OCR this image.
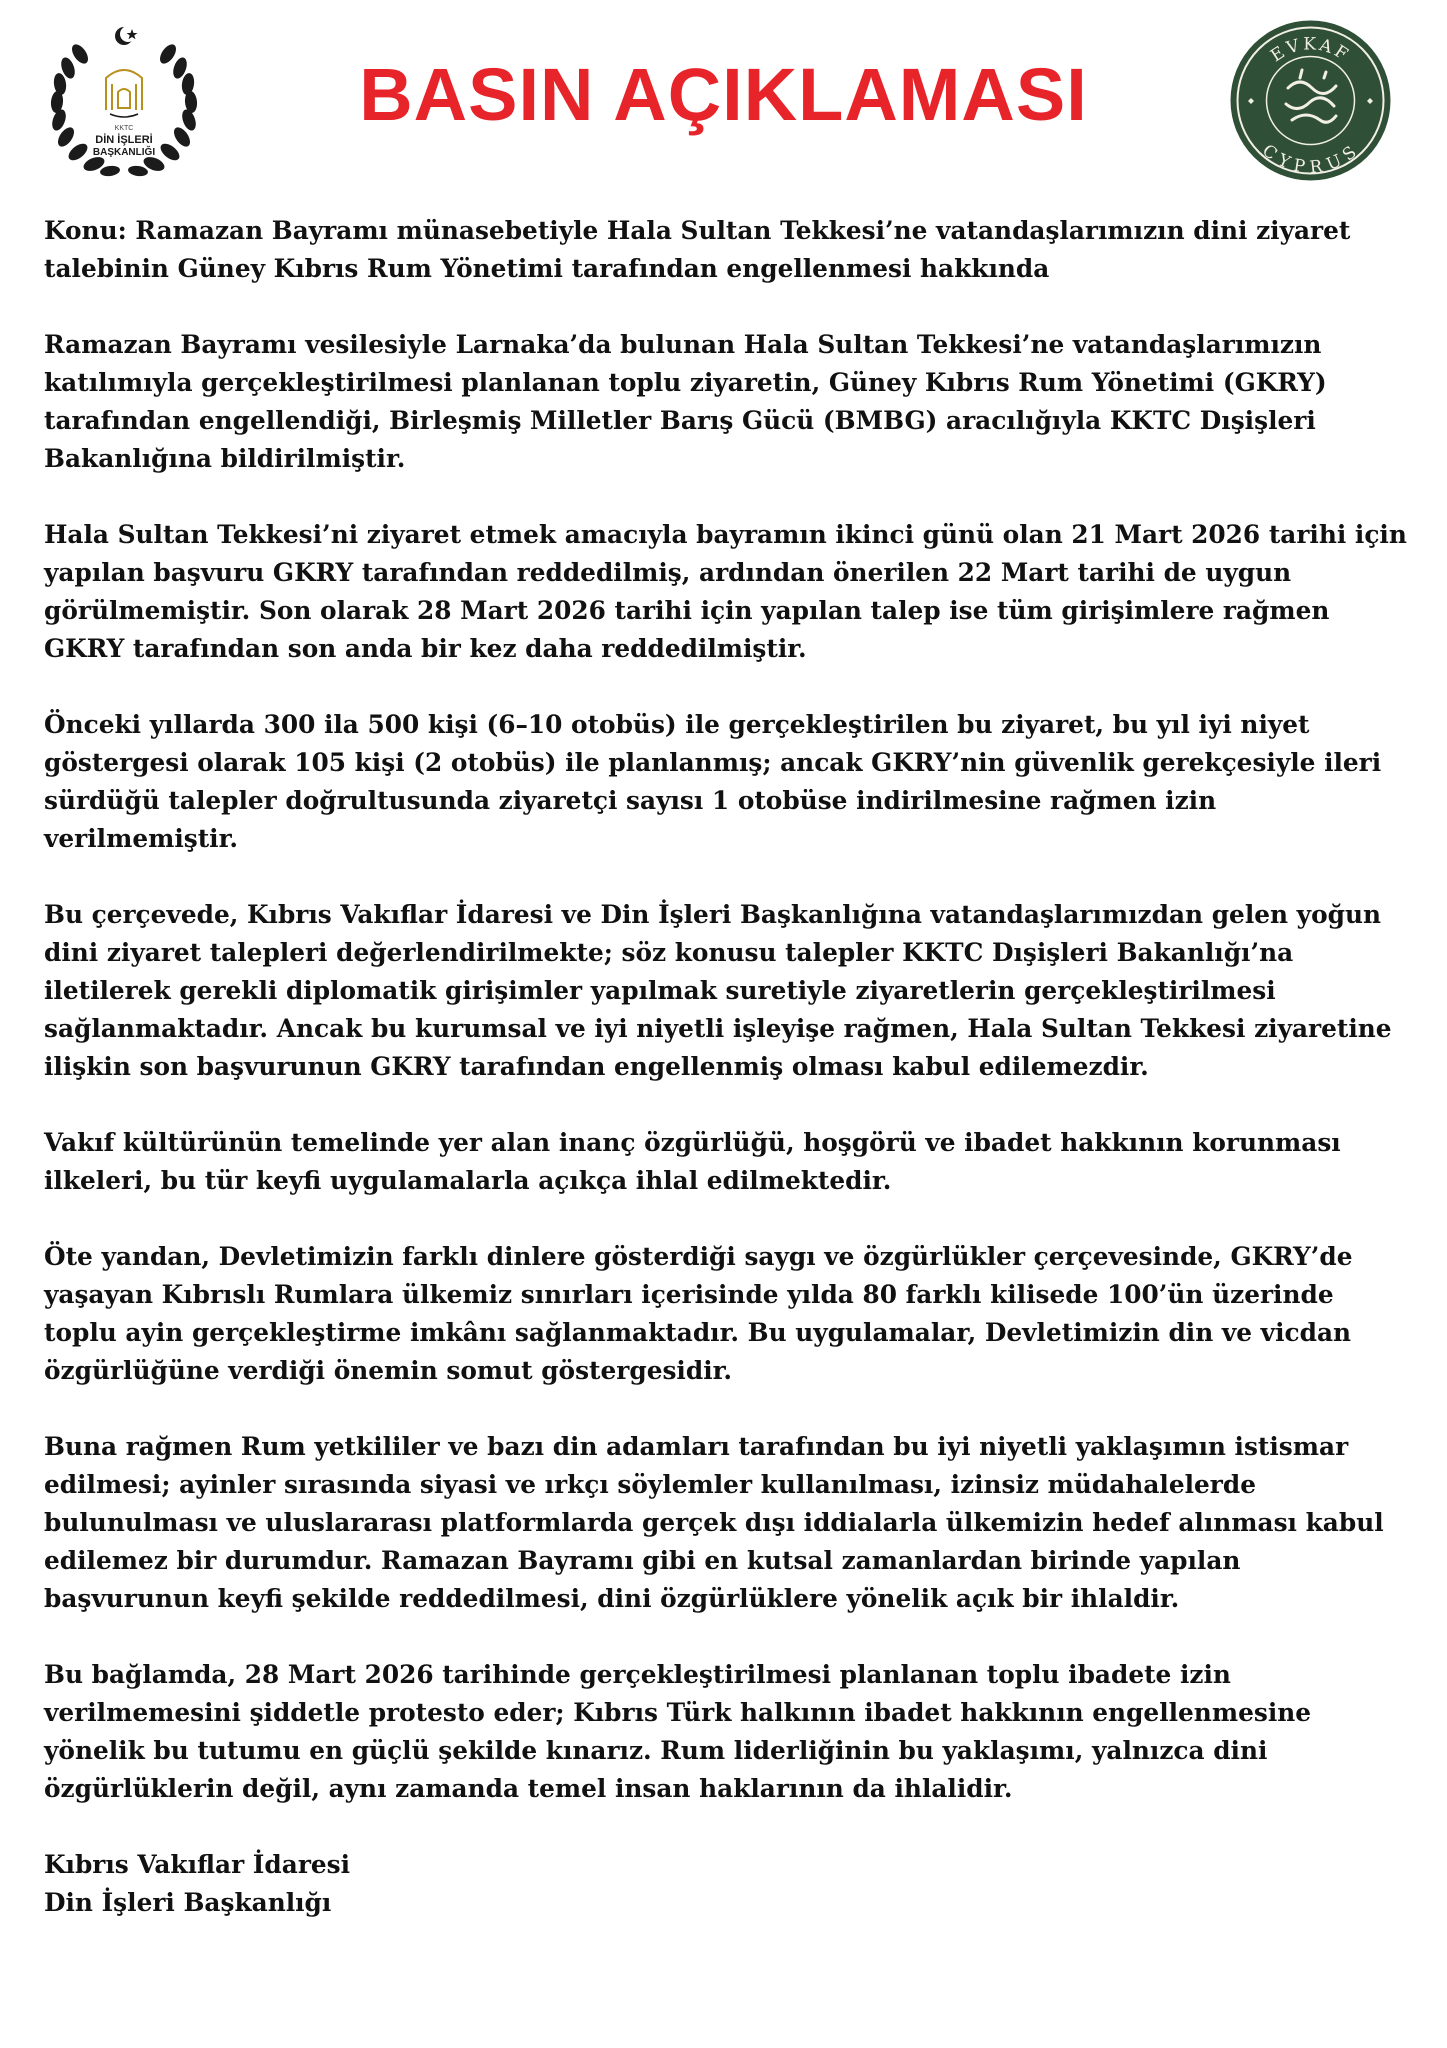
KKTC
DİN İŞLERİ
BAŞKANLIĞI
BASIN AÇIKLAMASI	EVKAF
CYPRUS

Konu: Ramazan Bayramı münasebetiyle Hala Sultan Tekkesi’ne vatandaşlarımızın dini ziyaret talebinin Güney Kıbrıs Rum Yönetimi tarafından engellenmesi hakkında

Ramazan Bayramı vesilesiyle Larnaka’da bulunan Hala Sultan Tekkesi’ne vatandaşlarımızın katılımıyla gerçekleştirilmesi planlanan toplu ziyaretin, Güney Kıbrıs Rum Yönetimi (GKRY) tarafından engellendiği, Birleşmiş Milletler Barış Gücü (BMBG) aracılığıyla KKTC Dışişleri Bakanlığına bildirilmiştir.

Hala Sultan Tekkesi’ni ziyaret etmek amacıyla bayramın ikinci günü olan 21 Mart 2026 tarihi için yapılan başvuru GKRY tarafından reddedilmiş, ardından önerilen 22 Mart tarihi de uygun görülmemiştir. Son olarak 28 Mart 2026 tarihi için yapılan talep ise tüm girişimlere rağmen GKRY tarafından son anda bir kez daha reddedilmiştir.

Önceki yıllarda 300 ila 500 kişi (6–10 otobüs) ile gerçekleştirilen bu ziyaret, bu yıl iyi niyet göstergesi olarak 105 kişi (2 otobüs) ile planlanmış; ancak GKRY’nin güvenlik gerekçesiyle ileri sürdüğü talepler doğrultusunda ziyaretçi sayısı 1 otobüse indirilmesine rağmen izin verilmemiştir.

Bu çerçevede, Kıbrıs Vakıflar İdaresi ve Din İşleri Başkanlığına vatandaşlarımızdan gelen yoğun dini ziyaret talepleri değerlendirilmekte; söz konusu talepler KKTC Dışişleri Bakanlığı’na iletilerek gerekli diplomatik girişimler yapılmak suretiyle ziyaretlerin gerçekleştirilmesi sağlanmaktadır. Ancak bu kurumsal ve iyi niyetli işleyişe rağmen, Hala Sultan Tekkesi ziyaretine ilişkin son başvurunun GKRY tarafından engellenmiş olması kabul edilemezdir.

Vakıf kültürünün temelinde yer alan inanç özgürlüğü, hoşgörü ve ibadet hakkının korunması ilkeleri, bu tür keyfi uygulamalarla açıkça ihlal edilmektedir.

Öte yandan, Devletimizin farklı dinlere gösterdiği saygı ve özgürlükler çerçevesinde, GKRY’de yaşayan Kıbrıslı Rumlara ülkemiz sınırları içerisinde yılda 80 farklı kilisede 100’ün üzerinde toplu ayin gerçekleştirme imkânı sağlanmaktadır. Bu uygulamalar, Devletimizin din ve vicdan özgürlüğüne verdiği önemin somut göstergesidir.

Buna rağmen Rum yetkililer ve bazı din adamları tarafından bu iyi niyetli yaklaşımın istismar edilmesi; ayinler sırasında siyasi ve ırkçı söylemler kullanılması, izinsiz müdahalelerde bulunulması ve uluslararası platformlarda gerçek dışı iddialarla ülkemizin hedef alınması kabul edilemez bir durumdur. Ramazan Bayramı gibi en kutsal zamanlardan birinde yapılan başvurunun keyfi şekilde reddedilmesi, dini özgürlüklere yönelik açık bir ihlaldir.

Bu bağlamda, 28 Mart 2026 tarihinde gerçekleştirilmesi planlanan toplu ibadete izin verilmemesini şiddetle protesto eder; Kıbrıs Türk halkının ibadet hakkının engellenmesine yönelik bu tutumu en güçlü şekilde kınarız. Rum liderliğinin bu yaklaşımı, yalnızca dini özgürlüklerin değil, aynı zamanda temel insan haklarının da ihlalidir.

Kıbrıs Vakıflar İdaresi
Din İşleri Başkanlığı
